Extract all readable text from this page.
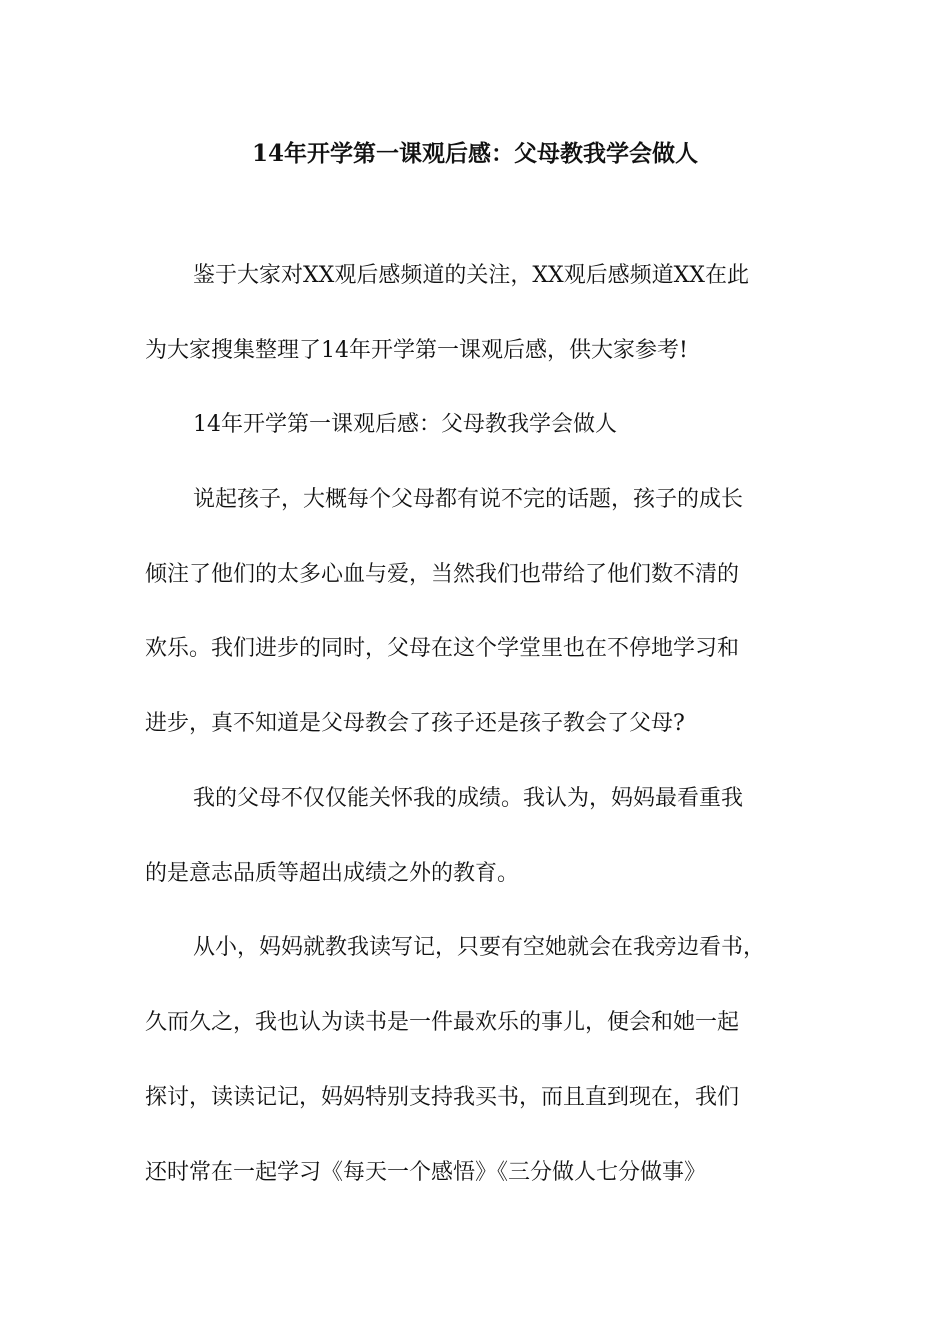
14年开学第一课观后感：父母教我学会做人
鉴于大家对XX观后感频道的关注，XX观后感频道XX在此
为大家搜集整理了14年开学第一课观后感，供大家参考!
14年开学第一课观后感：父母教我学会做人
说起孩子，大概每个父母都有说不完的话题，孩子的成长
倾注了他们的太多心血与爱，当然我们也带给了他们数不清的
欢乐。我们进步的同时，父母在这个学堂里也在不停地学习和
进步，真不知道是父母教会了孩子还是孩子教会了父母?
我的父母不仅仅能关怀我的成绩。我认为，妈妈最看重我
的是意志品质等超出成绩之外的教育。
从小，妈妈就教我读写记，只要有空她就会在我旁边看书，
久而久之，我也认为读书是一件最欢乐的事儿，便会和她一起
探讨，读读记记，妈妈特别支持我买书，而且直到现在，我们
还时常在一起学习《每天一个感悟》《三分做人七分做事》
